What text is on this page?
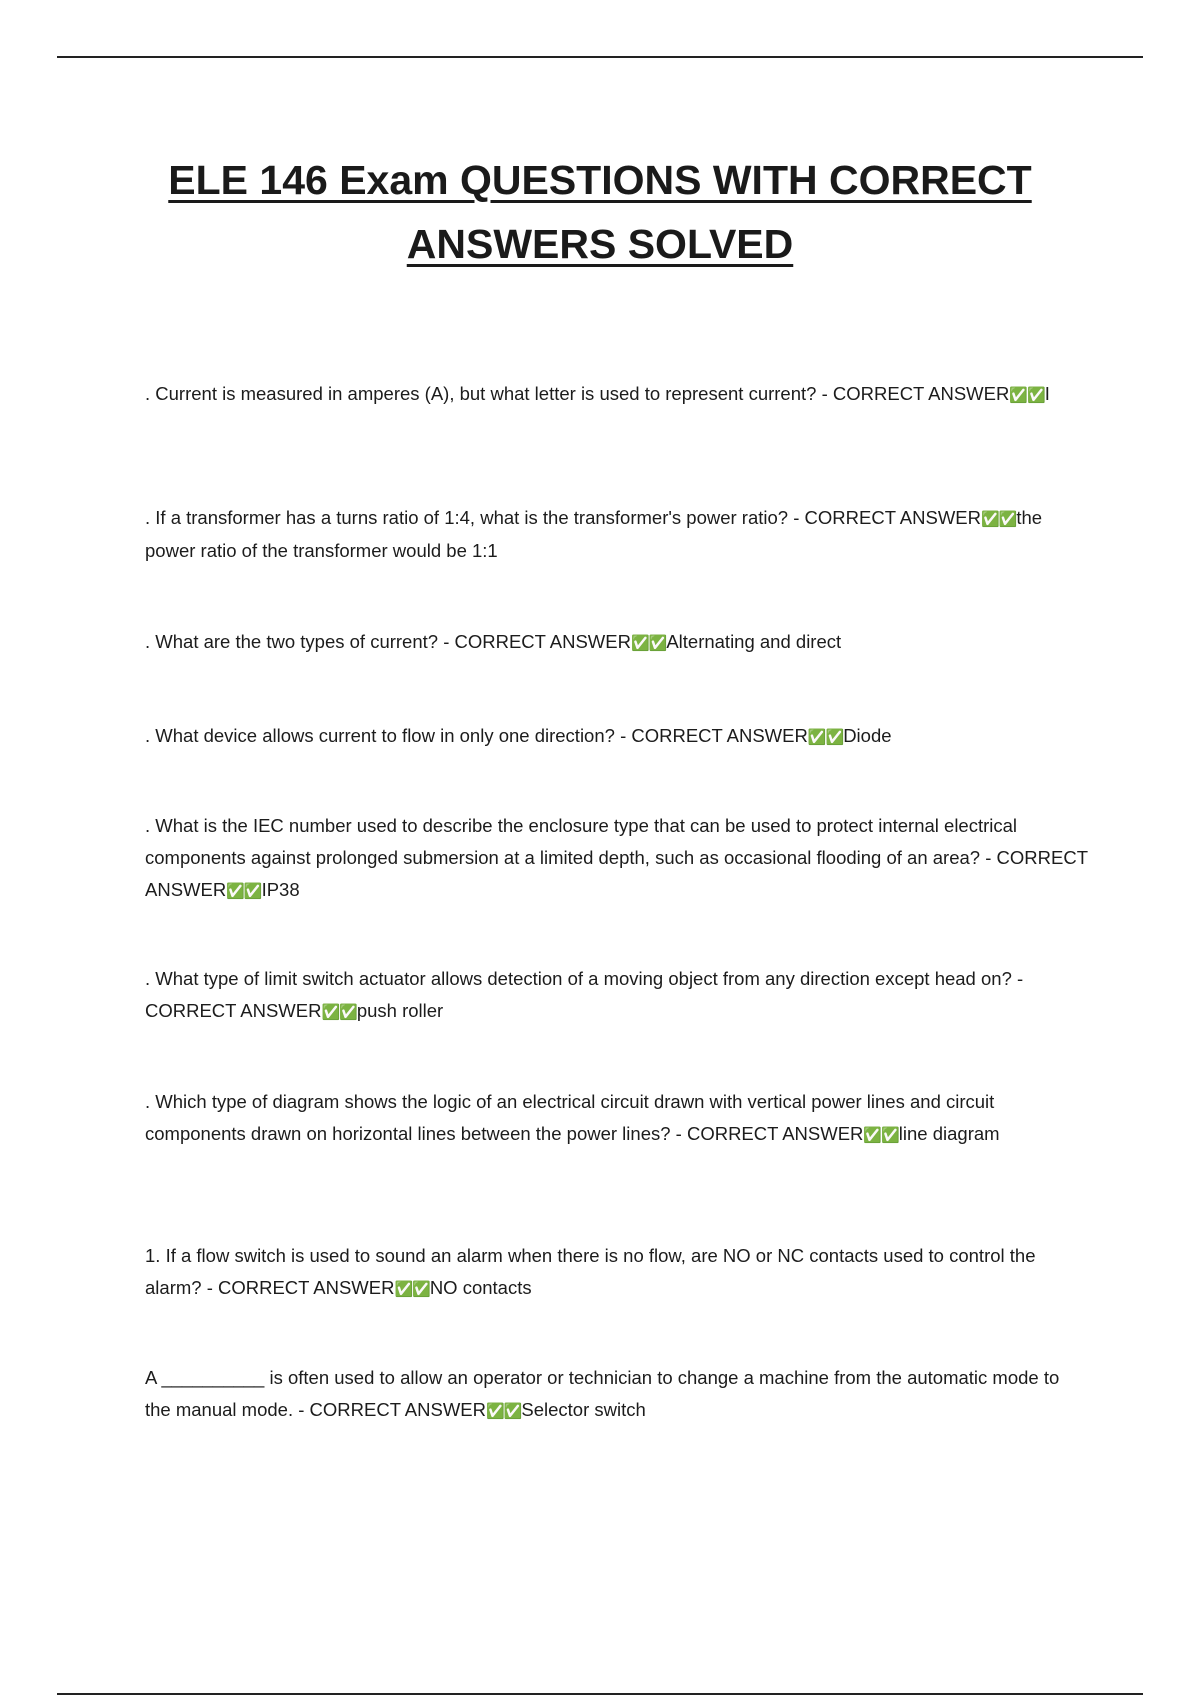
ELE 146 Exam QUESTIONS WITH CORRECT
ANSWERS SOLVED
. Current is measured in amperes (A), but what letter is used to represent current? - CORRECT ANSWER✅✅I
. If a transformer has a turns ratio of 1:4, what is the transformer's power ratio? - CORRECT ANSWER✅✅the power ratio of the transformer would be 1:1
. What are the two types of current? - CORRECT ANSWER✅✅Alternating and direct
. What device allows current to flow in only one direction? - CORRECT ANSWER✅✅Diode
. What is the IEC number used to describe the enclosure type that can be used to protect internal electrical components against prolonged submersion at a limited depth, such as occasional flooding of an area? - CORRECT ANSWER✅✅IP38
. What type of limit switch actuator allows detection of a moving object from any direction except head on? - CORRECT ANSWER✅✅push roller
. Which type of diagram shows the logic of an electrical circuit drawn with vertical power lines and circuit components drawn on horizontal lines between the power lines? - CORRECT ANSWER✅✅line diagram
1. If a flow switch is used to sound an alarm when there is no flow, are NO or NC contacts used to control the alarm? - CORRECT ANSWER✅✅NO contacts
A __________ is often used to allow an operator or technician to change a machine from the automatic mode to the manual mode. - CORRECT ANSWER✅✅Selector switch
